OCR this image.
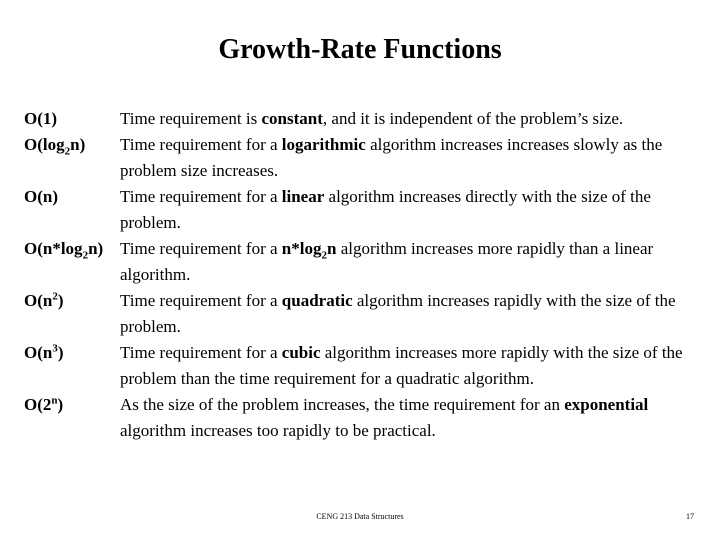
Growth-Rate Functions
O(1)	Time requirement is constant, and it is independent of the problem’s size.
$O(\log_2n)$ Time requirement for a logarithmic algorithm increases increases slowly as the problem size increases.
O(n)	Time requirement for a linear algorithm increases directly with the size of the problem.
$O(n*\log_2n)$ Time requirement for a $n*\log_2n$ algorithm increases more rapidly than a linear algorithm.
$O(n^2)$	Time requirement for a quadratic algorithm increases rapidly with the size of the problem.
$O(n^3)$	Time requirement for a cubic algorithm increases more rapidly with the size of the problem than the time requirement for a quadratic algorithm.
O(2$^n$)	As the size of the problem increases, the time requirement for an exponential algorithm increases too rapidly to be practical.
CENG 213 Data Structures	17
